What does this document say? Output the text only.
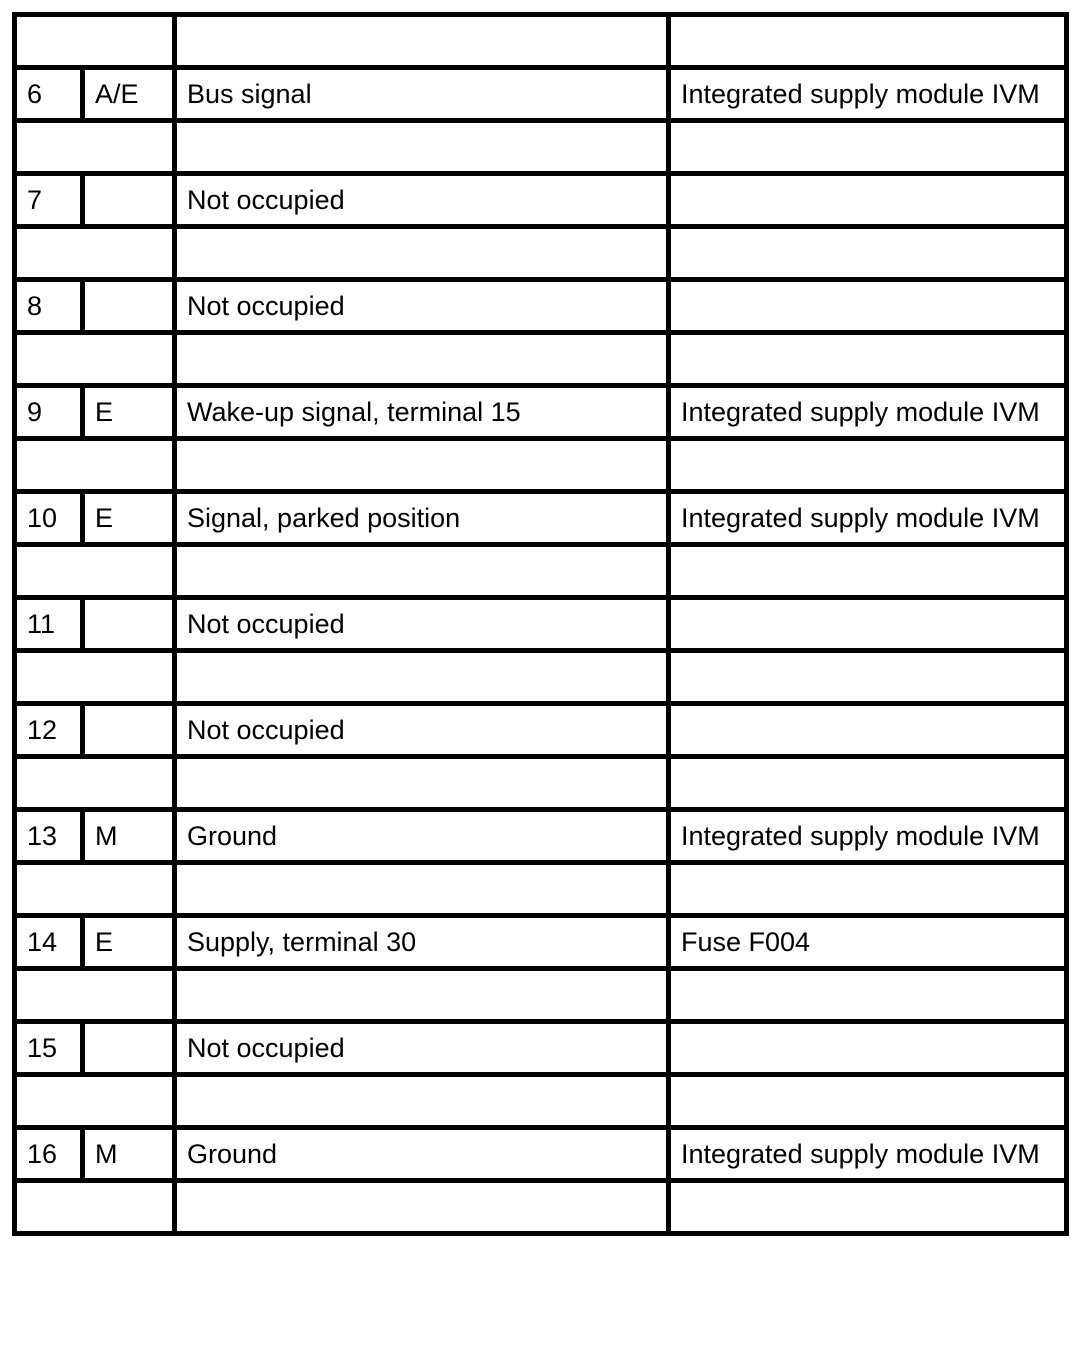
6	A/E	Bus signal	Integrated supply module IVM

7		Not occupied	

8		Not occupied	

9	E	Wake-up signal, terminal 15	Integrated supply module IVM

10	E	Signal, parked position	Integrated supply module IVM

11		Not occupied	

12		Not occupied	

13	M	Ground	Integrated supply module IVM

14	E	Supply, terminal 30	Fuse F004

15		Not occupied	

16	M	Ground	Integrated supply module IVM
